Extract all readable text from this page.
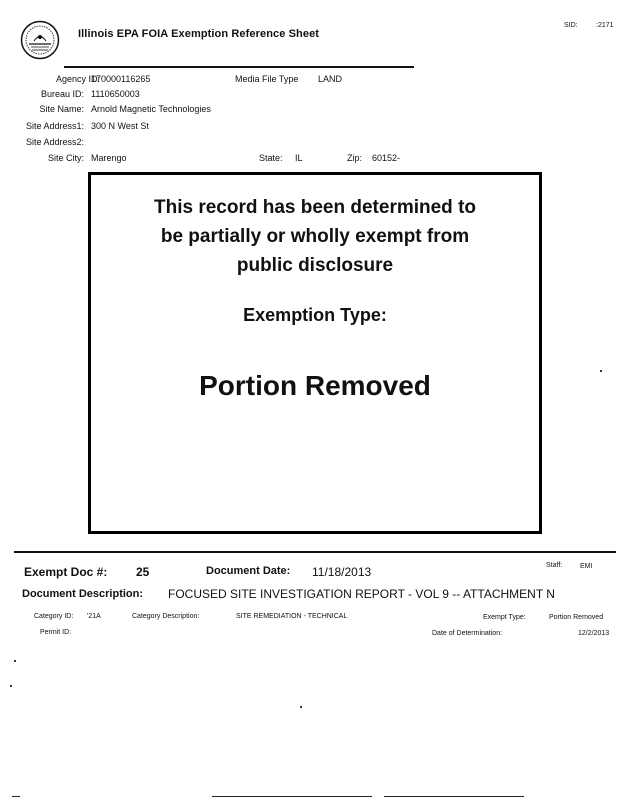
Illinois EPA FOIA Exemption Reference Sheet
SID:	:2171
Agency ID:
170000116265	Media File Type LAND
Bureau ID: 1110650003
Site Name: Arnold Magnetic Technologies
Site Address1: 300 N West St
Site Address2:
Site City: Marengo	State: IL	Zip: 60152-
This record has been determined to
be partially or wholly exempt from
public disclosure
Exemption Type:
Portion Removed
Exempt Doc #: 25	Document Date: 11/18/2013	Staff:	EMI
Document Description: FOCUSED SITE INVESTIGATION REPORT - VOL 9 -- ATTACHMENT N
Category ID: '21A	Category Description:	SITE REMEDIATION - TECHNICAL	Exempt Type:	Portion Removed
Permit ID:	Date of Determination:	12/2/2013
